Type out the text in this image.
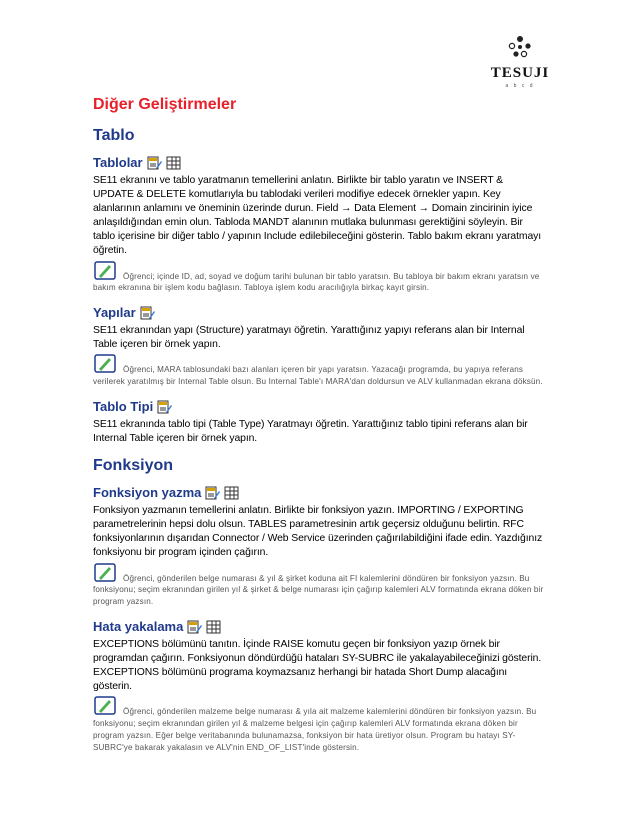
TESUJI
a b c d
Diğer Geliştirmeler
Tablo
Tablolar

SE11 ekranını ve tablo yaratmanın temellerini anlatın. Birlikte bir tablo yaratın ve INSERT & UPDATE & DELETE komutlarıyla bu tablodaki verileri modifiye edecek örnekler yapın. Key alanlarının anlamını ve öneminin üzerinde durun. Field → Data Element → Domain zincirinin iyice anlaşıldığından emin olun. Tabloda MANDT alanının mutlaka bulunması gerektiğini söyleyin. Bir tablo içerisine bir diğer tablo / yapının Include edilebileceğini gösterin. Tablo bakım ekranı yaratmayı öğretin.

Öğrenci; içinde ID, ad, soyad ve doğum tarihi bulunan bir tablo yaratsın. Bu tabloya bir bakım ekranı yaratsın ve bakım ekranına bir işlem kodu bağlasın. Tabloya işlem kodu aracılığıyla birkaç kayıt girsin.

Yapılar

SE11 ekranından yapı (Structure) yaratmayı öğretin. Yarattığınız yapıyı referans alan bir Internal Table içeren bir örnek yapın.

Öğrenci, MARA tablosundaki bazı alanları içeren bir yapı yaratsın. Yazacağı programda, bu yapıya referans verilerek yaratılmış bir Internal Table olsun. Bu Internal Table'ı MARA'dan doldursun ve ALV kullanmadan ekrana döksün.

Tablo Tipi

SE11 ekranında tablo tipi (Table Type) Yaratmayı öğretin. Yarattığınız tablo tipini referans alan bir Internal Table içeren bir örnek yapın.

Fonksiyon
Fonksiyon yazma

Fonksiyon yazmanın temellerini anlatın. Birlikte bir fonksiyon yazın. IMPORTING / EXPORTING parametrelerinin hepsi dolu olsun. TABLES parametresinin artık geçersiz olduğunu belirtin. RFC fonksiyonlarının dışarıdan Connector / Web Service üzerinden çağırılabildiğini ifade edin. Yazdığınız fonksiyonu bir program içinden çağırın.

Öğrenci, gönderilen belge numarası & yıl & şirket koduna ait FI kalemlerini döndüren bir fonksiyon yazsın. Bu fonksiyonu; seçim ekranından girilen yıl & şirket & belge numarası için çağırıp kalemleri ALV formatında ekrana döken bir program yazsın.

Hata yakalama

EXCEPTIONS bölümünü tanıtın. İçinde RAISE komutu geçen bir fonksiyon yazıp örnek bir programdan çağırın. Fonksiyonun döndürdüğü hataları SY-SUBRC ile yakalayabileceğinizi gösterin. EXCEPTIONS bölümünü programa koymazsanız herhangi bir hatada Short Dump alacağını gösterin.

Öğrenci, gönderilen malzeme belge numarası & yıla ait malzeme kalemlerini döndüren bir fonksiyon yazsın. Bu fonksiyonu; seçim ekranından girilen yıl & malzeme belgesi için çağırıp kalemleri ALV formatında ekrana döken bir program yazsın. Eğer belge veritabanında bulunamazsa, fonksiyon bir hata üretiyor olsun. Program bu hatayı SY-SUBRC'ye bakarak yakalasın ve ALV'nin END_OF_LIST'inde göstersin.
